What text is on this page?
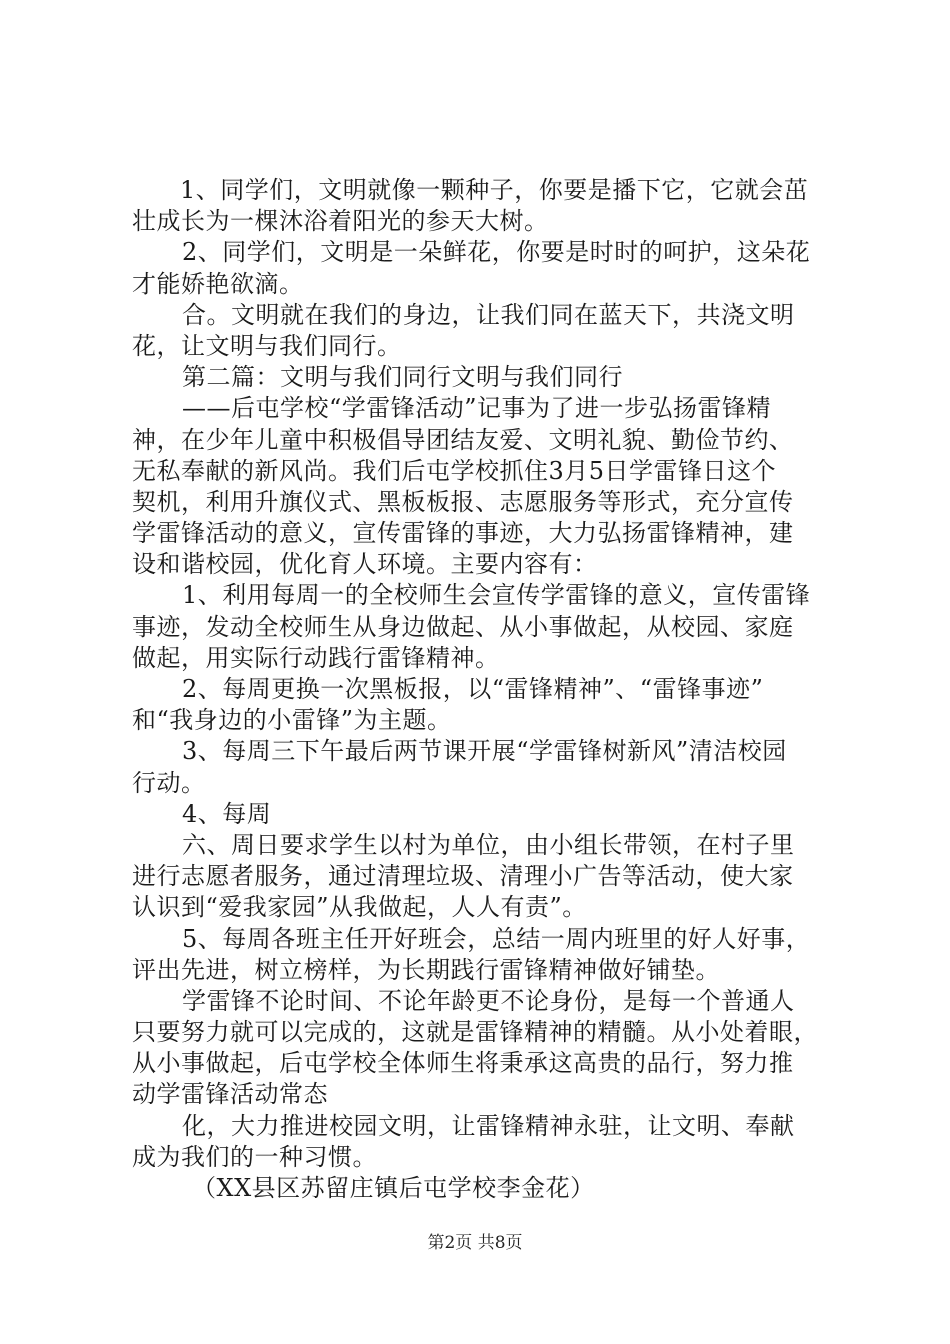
1、同学们，文明就像一颗种子，你要是播下它，它就会茁
壮成长为一棵沐浴着阳光的参天大树。
2、同学们，文明是一朵鲜花，你要是时时的呵护，这朵花
才能娇艳欲滴。
合。文明就在我们的身边，让我们同在蓝天下，共浇文明
花，让文明与我们同行。
第二篇：文明与我们同行文明与我们同行
——后屯学校“学雷锋活动”记事为了进一步弘扬雷锋精
神，在少年儿童中积极倡导团结友爱、文明礼貌、勤俭节约、
无私奉献的新风尚。我们后屯学校抓住3月5日学雷锋日这个
契机，利用升旗仪式、黑板板报、志愿服务等形式，充分宣传
学雷锋活动的意义，宣传雷锋的事迹，大力弘扬雷锋精神，建
设和谐校园，优化育人环境。主要内容有：
1、利用每周一的全校师生会宣传学雷锋的意义，宣传雷锋
事迹，发动全校师生从身边做起、从小事做起，从校园、家庭
做起，用实际行动践行雷锋精神。
2、每周更换一次黑板报，以“雷锋精神”、“雷锋事迹”
和“我身边的小雷锋”为主题。
3、每周三下午最后两节课开展“学雷锋树新风”清洁校园
行动。
4、每周
六、周日要求学生以村为单位，由小组长带领，在村子里
进行志愿者服务，通过清理垃圾、清理小广告等活动，使大家
认识到“爱我家园”从我做起，人人有责”。
5、每周各班主任开好班会，总结一周内班里的好人好事，
评出先进，树立榜样，为长期践行雷锋精神做好铺垫。
学雷锋不论时间、不论年龄更不论身份，是每一个普通人
只要努力就可以完成的，这就是雷锋精神的精髓。从小处着眼，
从小事做起，后屯学校全体师生将秉承这高贵的品行，努力推
动学雷锋活动常态
化，大力推进校园文明，让雷锋精神永驻，让文明、奉献
成为我们的一种习惯。
（XX县区苏留庄镇后屯学校李金花）
第2页 共8页
